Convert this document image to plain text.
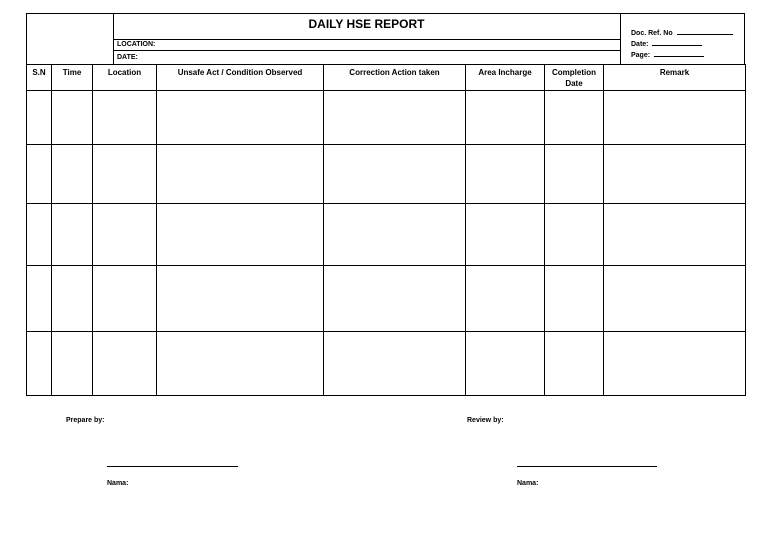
DAILY HSE REPORT
LOCATION:
DATE:
Doc. Ref. No
Date:
Page:
S.N	Time	Location	Unsafe Act / Condition Observed	Correction Action taken	Area Incharge	Completion Date	Remark

Prepare by:	Review by:
Nama:	Nama:
